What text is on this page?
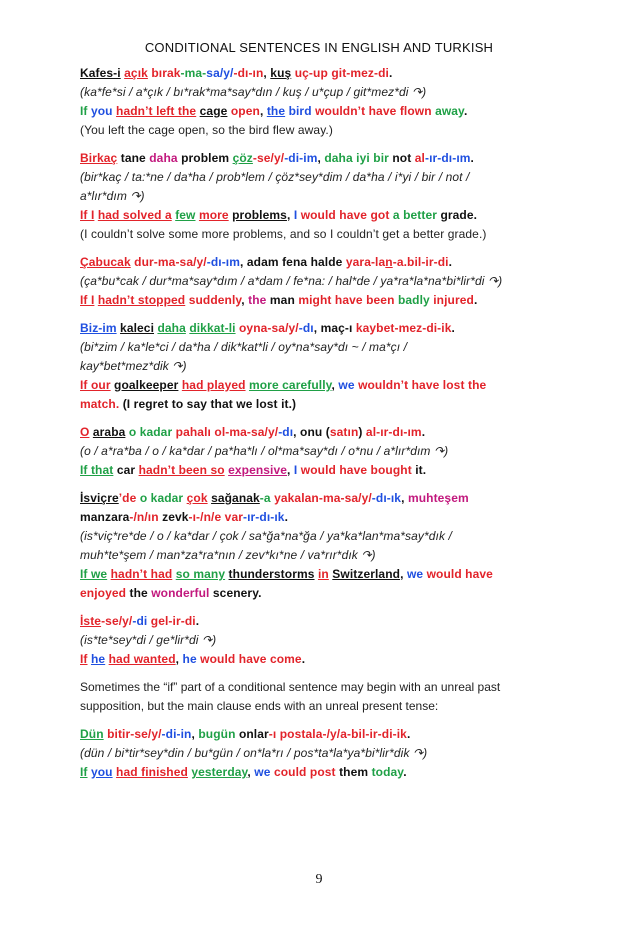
CONDITIONAL SENTENCES IN ENGLISH AND TURKISH
Kafes-i açık bırak-ma-sa/y/-dı-ın, kuş uç-up git-mez-di.
(ka*fe*si / a*çık / bı*rak*ma*say*dın / kuş / u*çup / git*mez*di ↷)
If you hadn’t left the cage open, the bird wouldn’t have flown away.
(You left the cage open, so the bird flew away.)
Birkaç tane daha problem çöz-se/y/-di-im, daha iyi bir not al-ır-dı-ım.
(bir*kaç / ta:*ne / da*ha / prob*lem / çöz*sey*dim / da*ha / i*yi / bir / not /
a*lır*dım ↷)
If I had solved a few more problems, I would have got a better grade.
(I couldn’t solve some more problems, and so I couldn’t get a better grade.)
Çabucak dur-ma-sa/y/-dı-ım, adam fena halde yara-lan-a.bil-ir-di.
(ça*bu*cak / dur*ma*say*dım / a*dam / fe*na: / hal*de / ya*ra*la*na*bi*lir*di ↷)
If I hadn’t stopped suddenly, the man might have been badly injured.
Biz-im kaleci daha dikkat-li oyna-sa/y/-dı, maç-ı kaybet-mez-di-ik.
(bi*zim / ka*le*ci / da*ha / dik*kat*li / oy*na*say*dı ~ / ma*çı /
kay*bet*mez*dik ↷)
If our goalkeeper had played more carefully, we wouldn’t have lost the
match. (I regret to say that we lost it.)
O araba o kadar pahalı ol-ma-sa/y/-dı, onu (satın) al-ır-dı-ım.
(o / a*ra*ba / o / ka*dar / pa*ha*lı / ol*ma*say*dı / o*nu / a*lır*dım ↷)
If that car hadn’t been so expensive, I would have bought it.
İsviçre’de o kadar çok sağanak-a yakalan-ma-sa/y/-dı-ık, muhteşem
manzara-/n/ın zevk-ı-/n/e var-ır-dı-ık.
(is*viç*re*de / o / ka*dar / çok / sa*ğa*na*ğa / ya*ka*lan*ma*say*dık /
muh*te*şem / man*za*ra*nın / zev*kı*ne / va*rır*dık ↷)
If we hadn’t had so many thunderstorms in Switzerland, we would have
enjoyed the wonderful scenery.
İste-se/y/-di gel-ir-di.
(is*te*sey*di / ge*lir*di ↷)
If he had wanted, he would have come.
Sometimes the “if” part of a conditional sentence may begin with an unreal past supposition, but the main clause ends with an unreal present tense:
Dün bitir-se/y/-di-in, bugün onlar-ı postala-/y/a-bil-ir-di-ik.
(dün / bi*tir*sey*din / bu*gün / on*la*rı / pos*ta*la*ya*bi*lir*dik ↷)
If you had finished yesterday, we could post them today.
9
